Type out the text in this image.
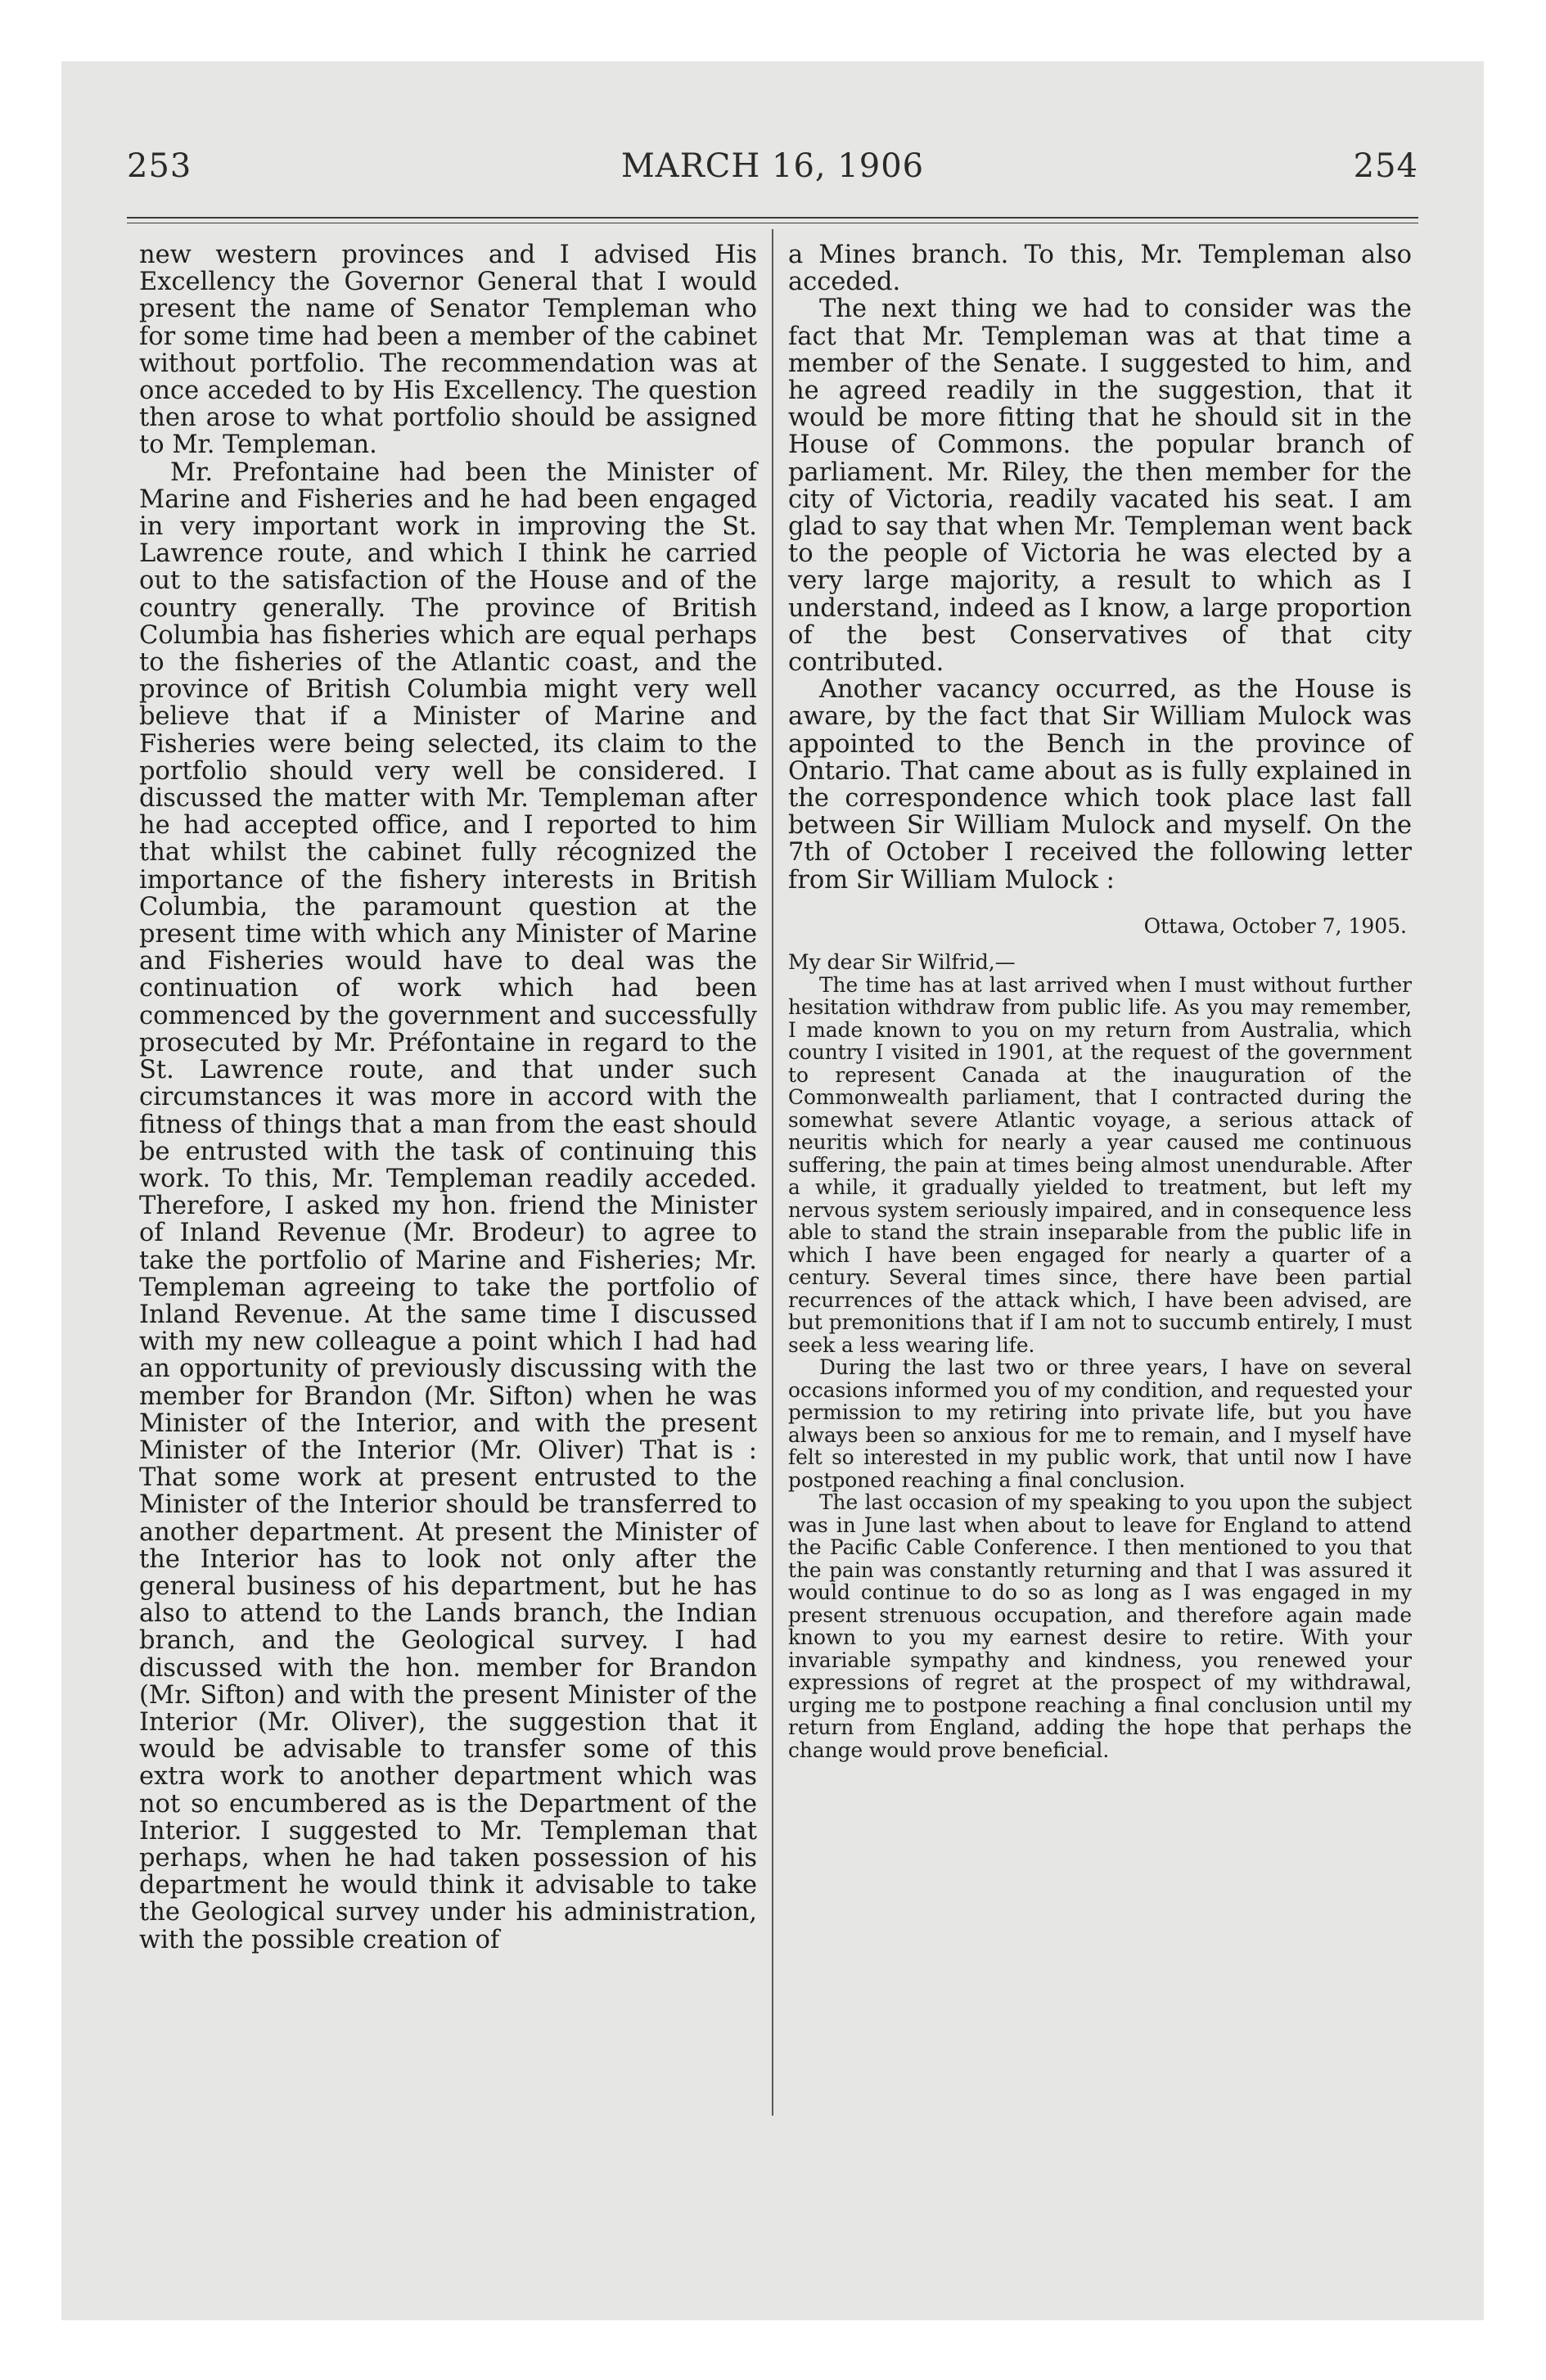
253	MARCH 16, 1906	254

new western provinces and I advised His Excellency the Governor General that I would present the name of Senator Templeman who for some time had been a member of the cabinet without portfolio. The recommendation was at once acceded to by His Excellency. The question then arose to what portfolio should be assigned to Mr. Templeman.

Mr. Prefontaine had been the Minister of Marine and Fisheries and he had been engaged in very important work in improving the St. Lawrence route, and which I think he carried out to the satisfaction of the House and of the country generally. The province of British Columbia has fisheries which are equal perhaps to the fisheries of the Atlantic coast, and the province of British Columbia might very well believe that if a Minister of Marine and Fisheries were being selected, its claim to the portfolio should very well be considered. I discussed the matter with Mr. Templeman after he had accepted office, and I reported to him that whilst the cabinet fully récognized the importance of the fishery interests in British Columbia, the paramount question at the present time with which any Minister of Marine and Fisheries would have to deal was the continuation of work which had been commenced by the government and successfully prosecuted by Mr. Préfontaine in regard to the St. Lawrence route, and that under such circumstances it was more in accord with the fitness of things that a man from the east should be entrusted with the task of continuing this work. To this, Mr. Templeman readily acceded. Therefore, I asked my hon. friend the Minister of Inland Revenue (Mr. Brodeur) to agree to take the portfolio of Marine and Fisheries; Mr. Templeman agreeing to take the portfolio of Inland Revenue. At the same time I discussed with my new colleague a point which I had had an opportunity of previously discussing with the member for Brandon (Mr. Sifton) when he was Minister of the Interior, and with the present Minister of the Interior (Mr. Oliver) That is : That some work at present entrusted to the Minister of the Interior should be transferred to another department. At present the Minister of the Interior has to look not only after the general business of his department, but he has also to attend to the Lands branch, the Indian branch, and the Geological survey. I had discussed with the hon. member for Brandon (Mr. Sifton) and with the present Minister of the Interior (Mr. Oliver), the suggestion that it would be advisable to transfer some of this extra work to another department which was not so encumbered as is the Department of the Interior. I suggested to Mr. Templeman that perhaps, when he had taken possession of his department he would think it advisable to take the Geological survey under his administration, with the possible creation of

a Mines branch. To this, Mr. Templeman also acceded.

The next thing we had to consider was the fact that Mr. Templeman was at that time a member of the Senate. I suggested to him, and he agreed readily in the suggestion, that it would be more fitting that he should sit in the House of Commons. the popular branch of parliament. Mr. Riley, the then member for the city of Victoria, readily vacated his seat. I am glad to say that when Mr. Templeman went back to the people of Victoria he was elected by a very large majority, a result to which as I understand, indeed as I know, a large proportion of the best Conservatives of that city contributed.

Another vacancy occurred, as the House is aware, by the fact that Sir William Mulock was appointed to the Bench in the province of Ontario. That came about as is fully explained in the correspondence which took place last fall between Sir William Mulock and myself. On the 7th of October I received the following letter from Sir William Mulock :

Ottawa, October 7, 1905.
My dear Sir Wilfrid,—

The time has at last arrived when I must without further hesitation withdraw from public life. As you may remember, I made known to you on my return from Australia, which country I visited in 1901, at the request of the government to represent Canada at the inauguration of the Commonwealth parliament, that I contracted during the somewhat severe Atlantic voyage, a serious attack of neuritis which for nearly a year caused me continuous suffering, the pain at times being almost unendurable. After a while, it gradually yielded to treatment, but left my nervous system seriously impaired, and in consequence less able to stand the strain inseparable from the public life in which I have been engaged for nearly a quarter of a century. Several times since, there have been partial recurrences of the attack which, I have been advised, are but premonitions that if I am not to succumb entirely, I must seek a less wearing life.

During the last two or three years, I have on several occasions informed you of my condition, and requested your permission to my retiring into private life, but you have always been so anxious for me to remain, and I myself have felt so interested in my public work, that until now I have postponed reaching a final conclusion.

The last occasion of my speaking to you upon the subject was in June last when about to leave for England to attend the Pacific Cable Conference. I then mentioned to you that the pain was constantly returning and that I was assured it would continue to do so as long as I was engaged in my present strenuous occupation, and therefore again made known to you my earnest desire to retire. With your invariable sympathy and kindness, you renewed your expressions of regret at the prospect of my withdrawal, urging me to postpone reaching a final conclusion until my return from England, adding the hope that perhaps the change would prove beneficial.
